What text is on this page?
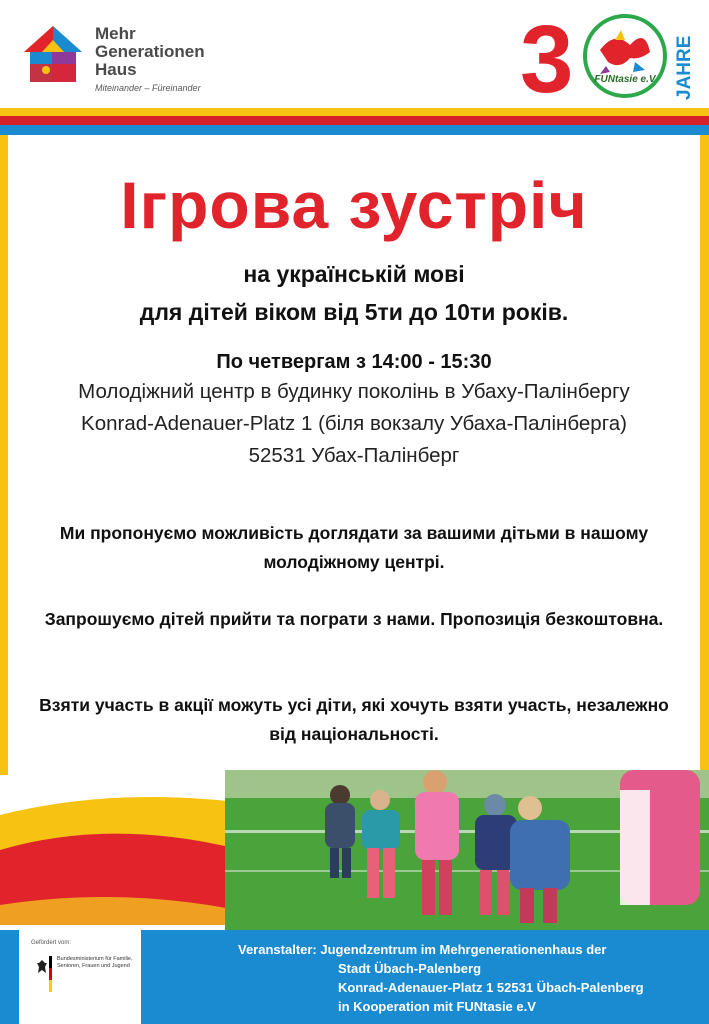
Mehr
Generationen
Haus
Miteinander – Füreinander	3 FUNtasie e.V JAHRE
Ігрова зустріч
на українській мові
для дітей віком від 5ти до 10ти років.
По четвергам з 14:00 - 15:30
Молодіжний центр в будинку поколінь в Убаху-Палінбергу
Konrad-Adenauer-Platz 1 (біля вокзалу Убаха-Палінберга)
52531 Убах-Палінберг
Ми пропонуємо можливість доглядати за вашими дітьми в нашому молодіжному центрі.
Запрошуємо дітей прийти та пограти з нами. Пропозиція безкоштовна.
Взяти участь в акції можуть усі діти, які хочуть взяти участь, незалежно від національності.
Gefördert vom:
Bundesministerium für Familie, Senioren, Frauen und Jugend
Veranstalter: Jugendzentrum im Mehrgenerationenhaus der
Stadt Übach-Palenberg
Konrad-Adenauer-Platz 1 52531 Übach-Palenberg
in Kooperation mit FUNtasie e.V
